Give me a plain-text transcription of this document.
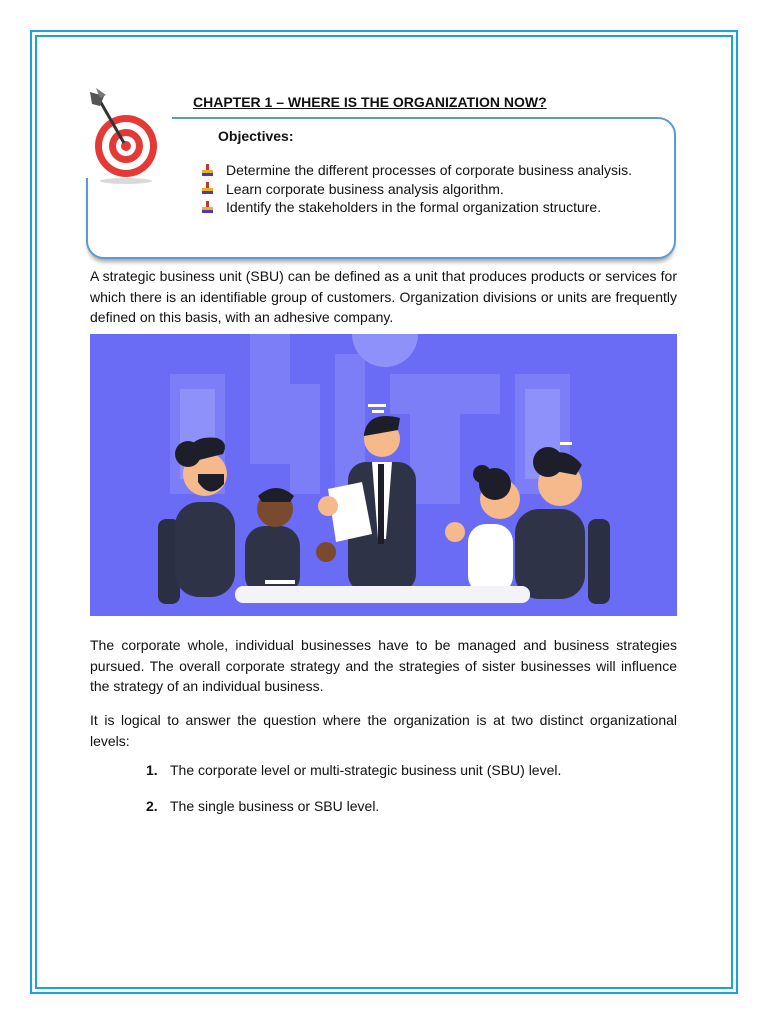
CHAPTER 1 – WHERE IS THE ORGANIZATION NOW?
Objectives:
Determine the different processes of corporate business analysis.
Learn corporate business analysis algorithm.
Identify the stakeholders in the formal organization structure.

A strategic business unit (SBU) can be defined as a unit that produces products or services for which there is an identifiable group of customers. Organization divisions or units are frequently defined on this basis, with an adhesive company.

The corporate whole, individual businesses have to be managed and business strategies pursued. The overall corporate strategy and the strategies of sister businesses will influence the strategy of an individual business.

It is logical to answer the question where the organization is at two distinct organizational levels:

1. The corporate level or multi-strategic business unit (SBU) level.
2. The single business or SBU level.
